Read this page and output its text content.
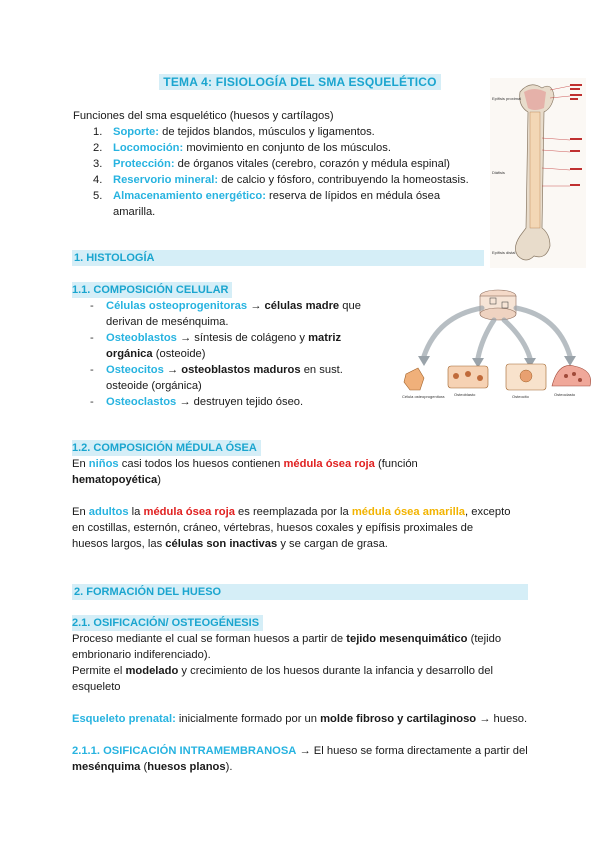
TEMA 4: FISIOLOGÍA DEL SMA ESQUELÉTICO
Funciones del sma esquelético (huesos y cartílagos)
1. Soporte: de tejidos blandos, músculos y ligamentos.
2. Locomoción: movimiento en conjunto de los músculos.
3. Protección: de órganos vitales (cerebro, corazón y médula espinal)
4. Reservorio mineral: de calcio y fósforo, contribuyendo la homeostasis.
5. Almacenamiento energético: reserva de lípidos en médula ósea amarilla.
Epífisis proximal
Diáfisis
Epífisis distal
1. HISTOLOGÍA
1.1. COMPOSICIÓN CELULAR
- Células osteoprogenitoras → células madre que derivan de mesénquima.
- Osteoblastos → síntesis de colágeno y matriz orgánica (osteoide)
- Osteocitos → osteoblastos maduros en sust. osteoide (orgánica)
- Osteoclastos → destruyen tejido óseo.	Célula osteoprogenitora Osteoblasto	Osteocito	Osteoclasto
1.2. COMPOSICIÓN MÉDULA ÓSEA
En niños casi todos los huesos contienen médula ósea roja (función hematopoyética)
En adultos la médula ósea roja es reemplazada por la médula ósea amarilla, excepto en costillas, esternón, cráneo, vértebras, huesos coxales y epífisis proximales de huesos largos, las células son inactivas y se cargan de grasa.
2. FORMACIÓN DEL HUESO
2.1. OSIFICACIÓN/ OSTEOGÉNESIS
Proceso mediante el cual se forman huesos a partir de tejido mesenquimático (tejido embrionario indiferenciado).
Permite el modelado y crecimiento de los huesos durante la infancia y desarrollo del esqueleto
Esqueleto prenatal: inicialmente formado por un molde fibroso y cartilaginoso → hueso.
2.1.1. OSIFICACIÓN INTRAMEMBRANOSA → El hueso se forma directamente a partir del mesénquima (huesos planos).
